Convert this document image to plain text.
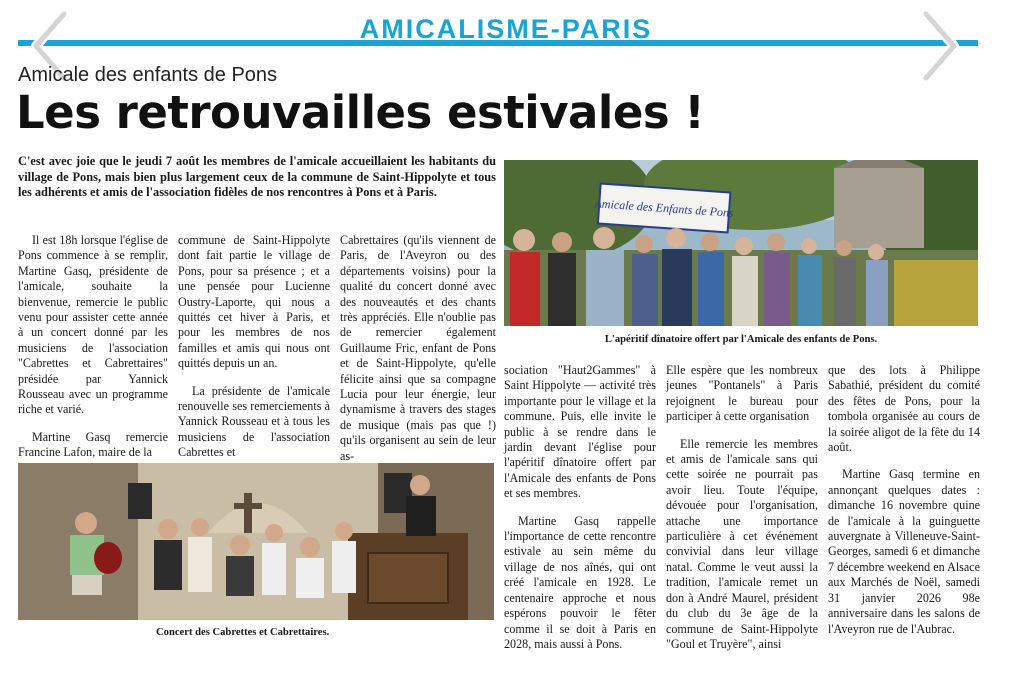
AMICALISME-PARIS
Amicale des enfants de Pons
Les retrouvailles estivales !
C'est avec joie que le jeudi 7 août les membres de l'amicale accueillaient les habitants du village de Pons, mais bien plus largement ceux de la commune de Saint-Hippolyte et tous les adhérents et amis de l'association fidèles de nos rencontres à Pons et à Paris.

Il est 18h lorsque l'église de Pons commence à se remplir, Martine Gasq, présidente de l'amicale, souhaite la bienvenue, remercie le public venu pour assister cette année à un concert donné par les musiciens de l'association "Cabrettes et Cabrettaires" présidée par Yannick Rousseau avec un programme riche et varié.

Martine Gasq remercie Francine Lafon, maire de la

commune de Saint-Hippolyte dont fait partie le village de Pons, pour sa présence ; et a une pensée pour Lucienne Oustry-Laporte, qui nous a quittés cet hiver à Paris, et pour les membres de nos familles et amis qui nous ont quittés depuis un an.

La présidente de l'amicale renouvelle ses remerciements à Yannick Rousseau et à tous les musiciens de l'association Cabrettes et

Cabrettaires (qu'ils viennent de Paris, de l'Aveyron ou des départements voisins) pour la qualité du concert donné avec des nouveautés et des chants très appréciés. Elle n'oublie pas de remercier également Guillaume Fric, enfant de Pons et de Saint-Hippolyte, qu'elle félicite ainsi que sa compagne Lucia pour leur énergie, leur dynamisme à travers des stages de musique (mais pas que !) qu'ils organisent au sein de leur as-

sociation "Haut2Gammes" à Saint Hippolyte — activité très importante pour le village et la commune. Puis, elle invite le public à se rendre dans le jardin devant l'église pour l'apéritif dînatoire offert par l'Amicale des enfants de Pons et ses membres.

Martine Gasq rappelle l'importance de cette rencontre estivale au sein même du village de nos aînés, qui ont créé l'amicale en 1928. Le centenaire approche et nous espérons pouvoir le fêter comme il se doit à Paris en 2028, mais aussi à Pons.

Elle espère que les nombreux jeunes "Pontanels" à Paris rejoignent le bureau pour participer à cette organisation

Elle remercie les membres et amis de l'amicale sans qui cette soirée ne pourrait pas avoir lieu. Toute l'équipe, dévouée pour l'organisation, attache une importance particulière à cet événement convivial dans leur village natal. Comme le veut aussi la tradition, l'amicale remet un don à André Maurel, président du club du 3e âge de la commune de Saint-Hippolyte "Goul et Truyère", ainsi

que des lots à Philippe Sabathié, président du comité des fêtes de Pons, pour la tombola organisée au cours de la soirée aligot de la fête du 14 août.

Martine Gasq termine en annonçant quelques dates : dimanche 16 novembre quine de l'amicale à la guinguette auvergnate à Villeneuve-Saint-Georges, samedi 6 et dimanche 7 décembre weekend en Alsace aux Marchés de Noël, samedi 31 janvier 2026 98e anniversaire dans les salons de l'Aveyron rue de l'Aubrac.

Amicale des Enfants de Pons
L'apéritif dînatoire offert par l'Amicale des enfants de Pons.
Concert des Cabrettes et Cabrettaires.
